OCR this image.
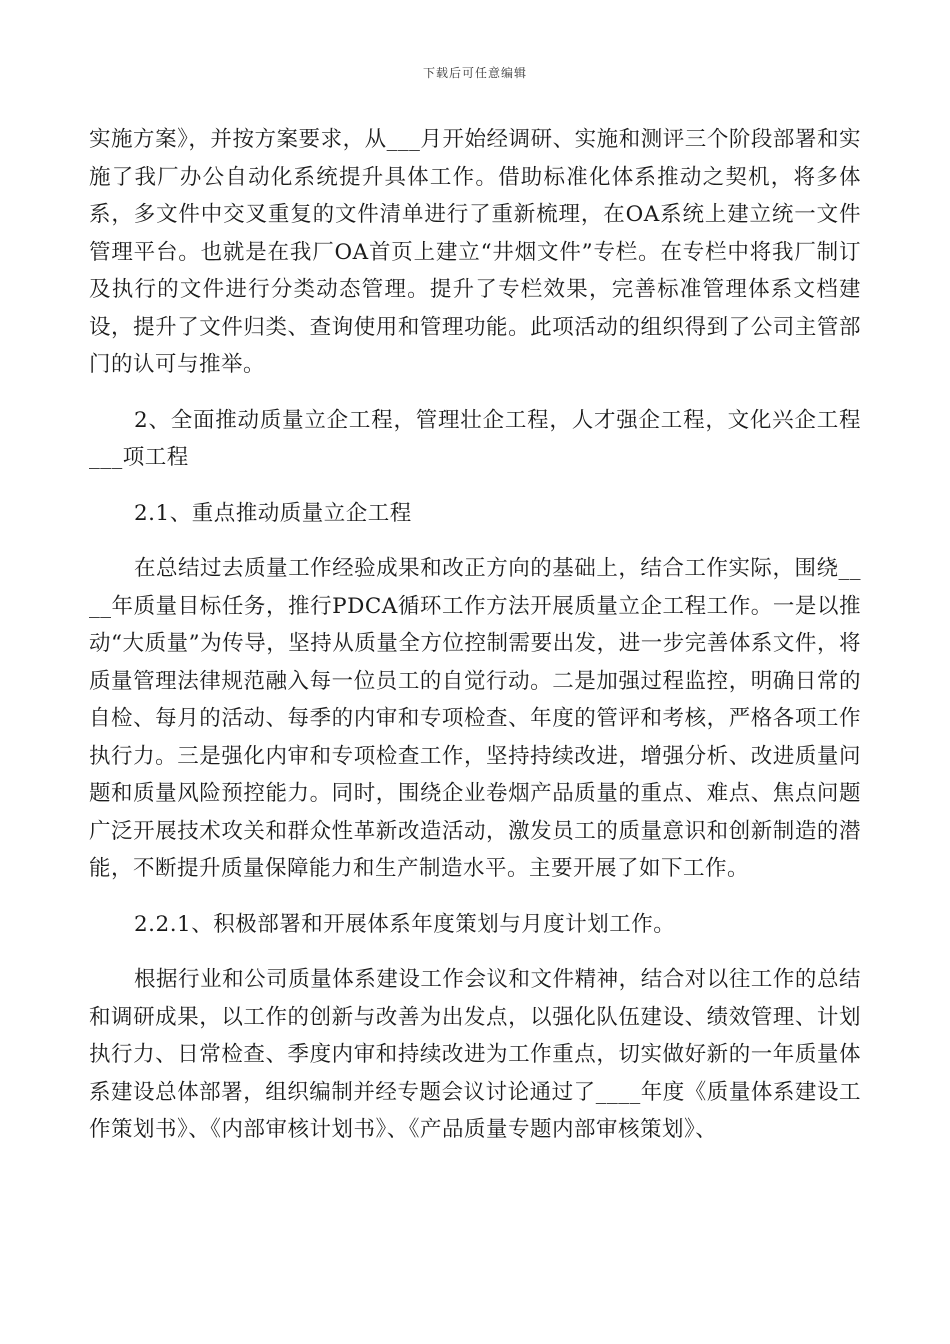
下载后可任意编辑

实施方案》，并按方案要求，从___月开始经调研、实施和测评三个阶段部署和实施了我厂办公自动化系统提升具体工作。借助标准化体系推动之契机，将多体系，多文件中交叉重复的文件清单进行了重新梳理，在OA系统上建立统一文件管理平台。也就是在我厂OA首页上建立“井烟文件”专栏。在专栏中将我厂制订及执行的文件进行分类动态管理。提升了专栏效果，完善标准管理体系文档建设，提升了文件归类、查询使用和管理功能。此项活动的组织得到了公司主管部门的认可与推举。

2、全面推动质量立企工程，管理壮企工程，人才强企工程，文化兴企工程___项工程

2.1、重点推动质量立企工程

在总结过去质量工作经验成果和改正方向的基础上，结合工作实际，围绕____年质量目标任务，推行PDCA循环工作方法开展质量立企工程工作。一是以推动“大质量”为传导，坚持从质量全方位控制需要出发，进一步完善体系文件，将质量管理法律规范融入每一位员工的自觉行动。二是加强过程监控，明确日常的自检、每月的活动、每季的内审和专项检查、年度的管评和考核，严格各项工作执行力。三是强化内审和专项检查工作，坚持持续改进，增强分析、改进质量问题和质量风险预控能力。同时，围绕企业卷烟产品质量的重点、难点、焦点问题广泛开展技术攻关和群众性革新改造活动，激发员工的质量意识和创新制造的潜能，不断提升质量保障能力和生产制造水平。主要开展了如下工作。

2.2.1、积极部署和开展体系年度策划与月度计划工作。

根据行业和公司质量体系建设工作会议和文件精神，结合对以往工作的总结和调研成果，以工作的创新与改善为出发点，以强化队伍建设、绩效管理、计划执行力、日常检查、季度内审和持续改进为工作重点，切实做好新的一年质量体系建设总体部署，组织编制并经专题会议讨论通过了____年度《质量体系建设工作策划书》、《内部审核计划书》、《产品质量专题内部审核策划》、
